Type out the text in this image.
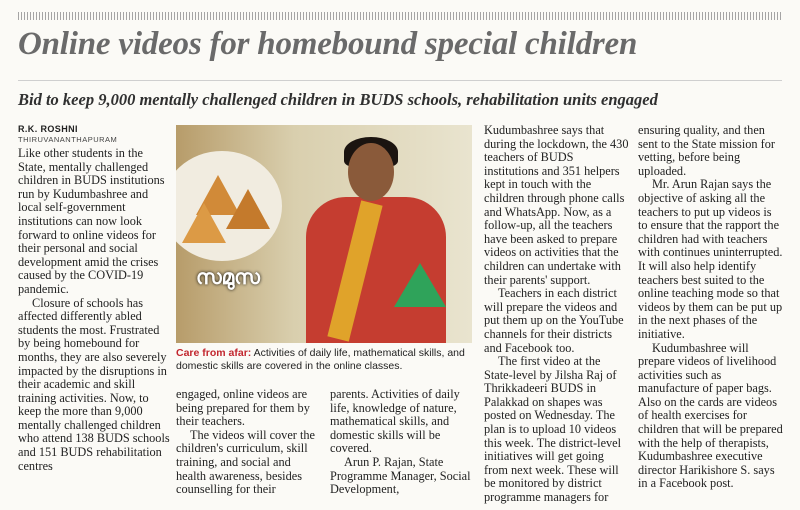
Online videos for homebound special children
Bid to keep 9,000 mentally challenged children in BUDS schools, rehabilitation units engaged
R.K. ROSHNI
THIRUVANANTHAPURAM

Like other students in the State, mentally challenged children in BUDS institutions run by Kudumbashree and local self-government institutions can now look forward to online videos for their personal and social development amid the crises caused by the COVID-19 pandemic.

Closure of schools has affected differently abled students the most. Frustrated by being homebound for months, they are also severely impacted by the disruptions in their academic and skill training activities. Now, to keep the more than 9,000 mentally challenged children who attend 138 BUDS schools and 151 BUDS rehabilitation centres

സമുസ
Care from afar: Activities of daily life, mathematical skills, and domestic skills are covered in the online classes.

engaged, online videos are being prepared for them by their teachers.

The videos will cover the children's curriculum, skill training, and social and health awareness, besides counselling for their

parents. Activities of daily life, knowledge of nature, mathematical skills, and domestic skills will be covered.

Arun P. Rajan, State Programme Manager, Social Development,

Kudumbashree says that during the lockdown, the 430 teachers of BUDS institutions and 351 helpers kept in touch with the children through phone calls and WhatsApp. Now, as a follow-up, all the teachers have been asked to prepare videos on activities that the children can undertake with their parents' support.

Teachers in each district will prepare the videos and put them up on the YouTube channels for their districts and Facebook too.

The first video at the State-level by Jilsha Raj of Thrikkadeeri BUDS in Palakkad on shapes was posted on Wednesday. The plan is to upload 10 videos this week. The district-level initiatives will get going from next week. These will be monitored by district programme managers for

ensuring quality, and then sent to the State mission for vetting, before being uploaded.

Mr. Arun Rajan says the objective of asking all the teachers to put up videos is to ensure that the rapport the children had with teachers with continues uninterrupted. It will also help identify teachers best suited to the online teaching mode so that videos by them can be put up in the next phases of the initiative.

Kudumbashree will prepare videos of livelihood activities such as manufacture of paper bags. Also on the cards are videos of health exercises for children that will be prepared with the help of therapists, Kudumbashree executive director Harikishore S. says in a Facebook post.
